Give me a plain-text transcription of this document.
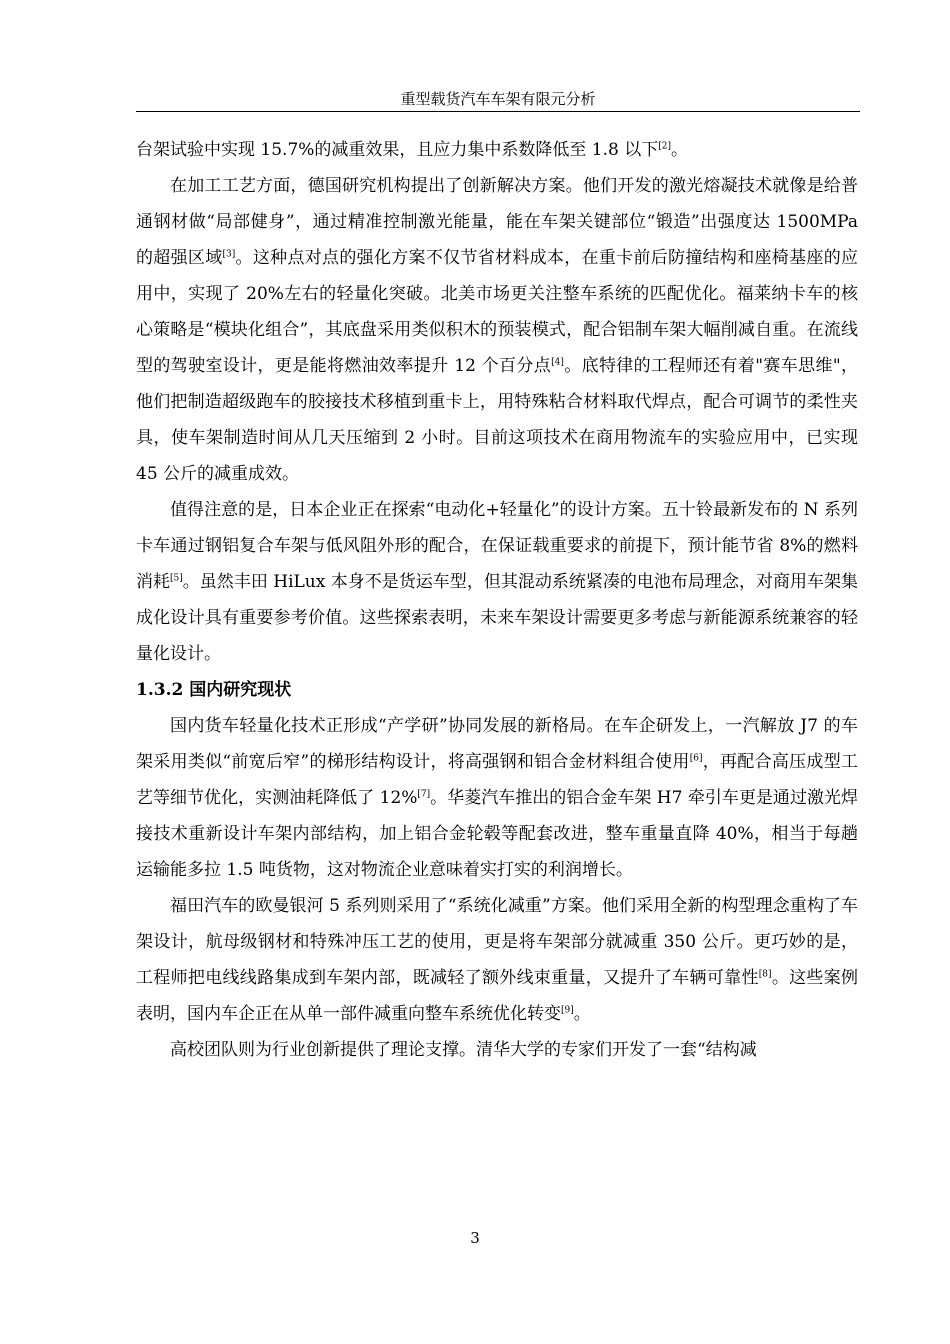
重型载货汽车车架有限元分析

台架试验中实现 15.7%的减重效果，且应力集中系数降低至 1.8 以下[2]。

在加工工艺方面，德国研究机构提出了创新解决方案。他们开发的激光熔凝技术就像是给普通钢材做“局部健身”，通过精准控制激光能量，能在车架关键部位“锻造”出强度达 1500MPa 的超强区域[3]。这种点对点的强化方案不仅节省材料成本，在重卡前后防撞结构和座椅基座的应用中，实现了 20%左右的轻量化突破。北美市场更关注整车系统的匹配优化。福莱纳卡车的核心策略是“模块化组合”，其底盘采用类似积木的预装模式，配合铝制车架大幅削减自重。在流线型的驾驶室设计，更是能将燃油效率提升 12 个百分点[4]。底特律的工程师还有着"赛车思维"，他们把制造超级跑车的胶接技术移植到重卡上，用特殊粘合材料取代焊点，配合可调节的柔性夹具，使车架制造时间从几天压缩到 2 小时。目前这项技术在商用物流车的实验应用中，已实现 45 公斤的减重成效。

值得注意的是，日本企业正在探索“电动化+轻量化”的设计方案。五十铃最新发布的 N 系列卡车通过钢铝复合车架与低风阻外形的配合，在保证载重要求的前提下，预计能节省 8%的燃料消耗[5]。虽然丰田 HiLux 本身不是货运车型，但其混动系统紧凑的电池布局理念，对商用车架集成化设计具有重要参考价值。这些探索表明，未来车架设计需要更多考虑与新能源系统兼容的轻量化设计。

1.3.2 国内研究现状

国内货车轻量化技术正形成“产学研”协同发展的新格局。在车企研发上，一汽解放 J7 的车架采用类似“前宽后窄”的梯形结构设计，将高强钢和铝合金材料组合使用[6]，再配合高压成型工艺等细节优化，实测油耗降低了 12%[7]。华菱汽车推出的铝合金车架 H7 牵引车更是通过激光焊接技术重新设计车架内部结构，加上铝合金轮毂等配套改进，整车重量直降 40%，相当于每趟运输能多拉 1.5 吨货物，这对物流企业意味着实打实的利润增长。

福田汽车的欧曼银河 5 系列则采用了“系统化减重”方案。他们采用全新的构型理念重构了车架设计，航母级钢材和特殊冲压工艺的使用，更是将车架部分就减重 350 公斤。更巧妙的是，工程师把电线线路集成到车架内部，既减轻了额外线束重量，又提升了车辆可靠性[8]。这些案例表明，国内车企正在从单一部件减重向整车系统优化转变[9]。

高校团队则为行业创新提供了理论支撑。清华大学的专家们开发了一套“结构减

3
